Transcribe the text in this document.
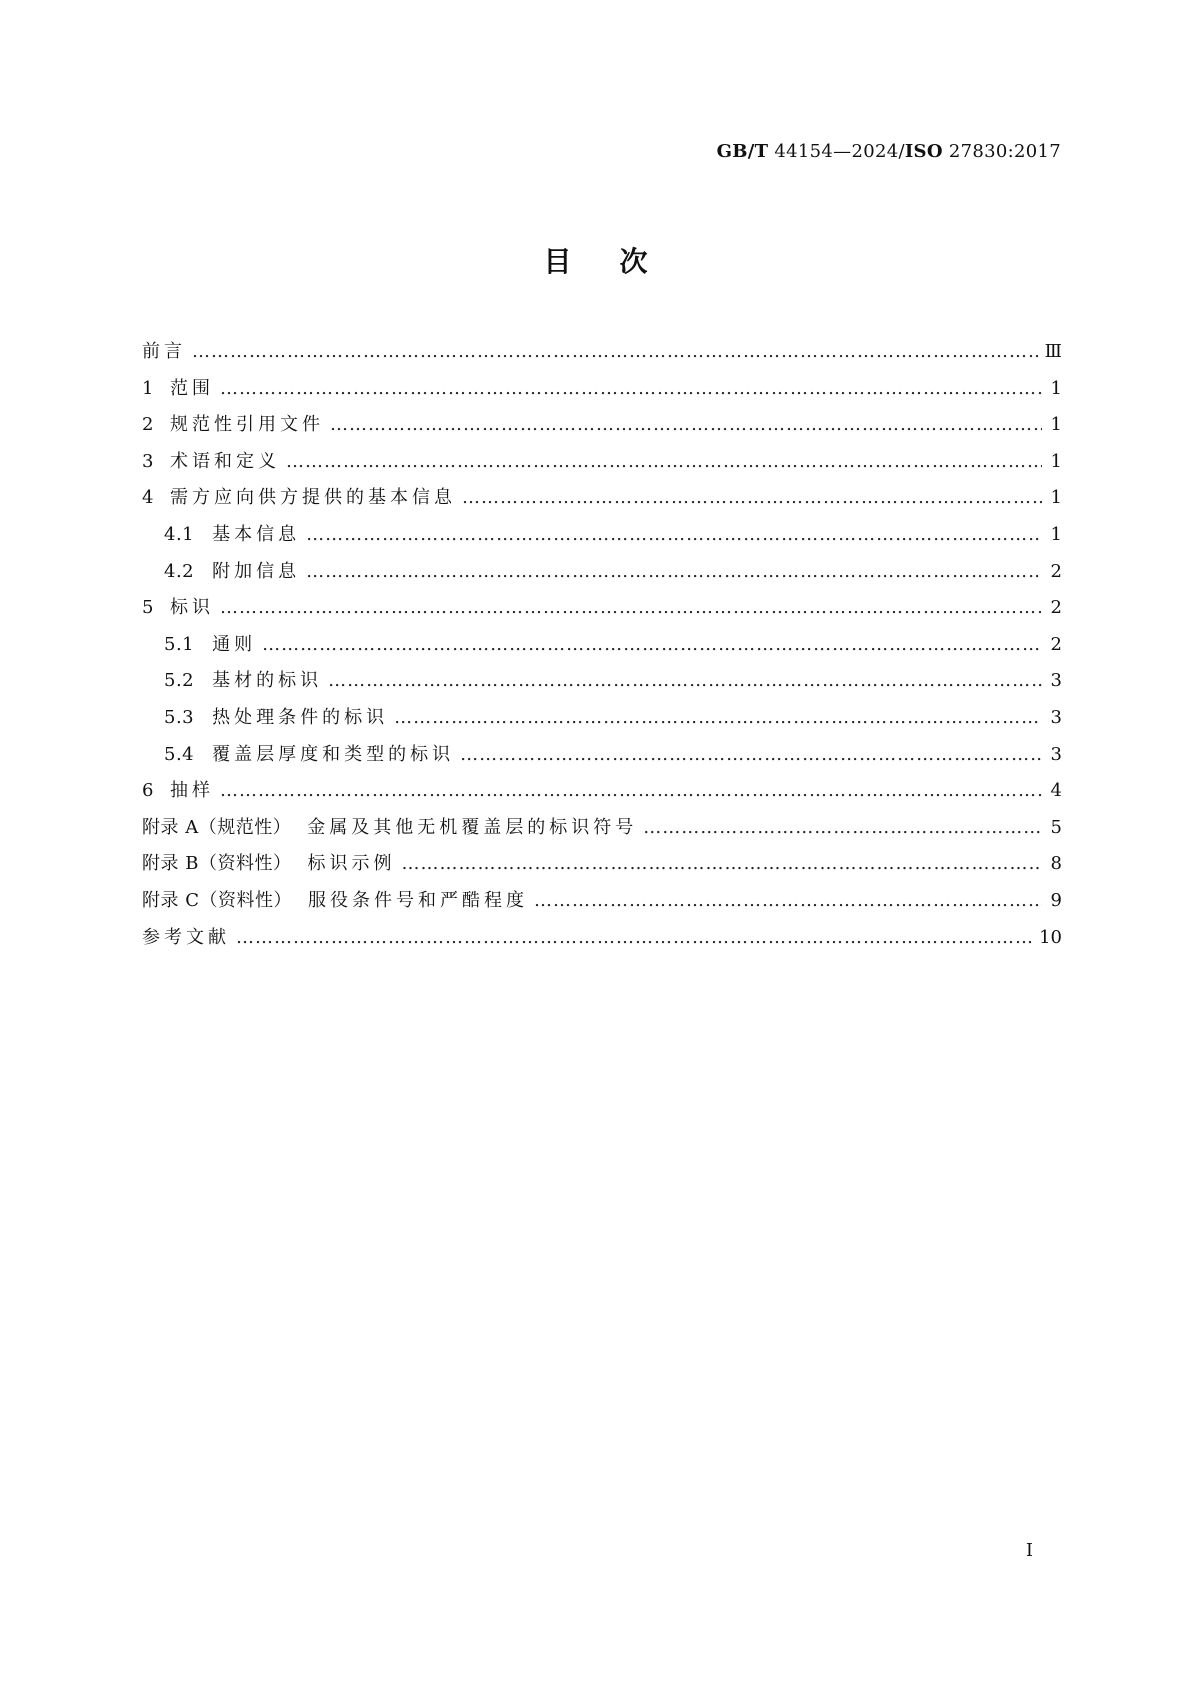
GB/T 44154—2024/ISO 27830:2017
目次
前言 ……………………………………………………………………………………………………………………………………………………………………………………………………………	Ⅲ
1 范围 ……………………………………………………………………………………………………………………………………………………………………………………………………………	1
2 规范性引用文件 ……………………………………………………………………………………………………………………………………………………………………………………………………………	1
3 术语和定义 ……………………………………………………………………………………………………………………………………………………………………………………………………………	1
4 需方应向供方提供的基本信息 ……………………………………………………………………………………………………………………………………………………………………………………………………………	1
4.1 基本信息 ……………………………………………………………………………………………………………………………………………………………………………………………………………	1
4.2 附加信息 ……………………………………………………………………………………………………………………………………………………………………………………………………………	2
5 标识 ……………………………………………………………………………………………………………………………………………………………………………………………………………	2
5.1 通则 ……………………………………………………………………………………………………………………………………………………………………………………………………………	2
5.2 基材的标识 ……………………………………………………………………………………………………………………………………………………………………………………………………………	3
5.3 热处理条件的标识 ……………………………………………………………………………………………………………………………………………………………………………………………………………	3
5.4 覆盖层厚度和类型的标识 ……………………………………………………………………………………………………………………………………………………………………………………………………………	3
6 抽样 ……………………………………………………………………………………………………………………………………………………………………………………………………………	4
附录 A（规范性） 金属及其他无机覆盖层的标识符号 ……………………………………………………………………………………………………………………………………………………………………………………………………………	5
附录 B（资料性） 标识示例 ……………………………………………………………………………………………………………………………………………………………………………………………………………	8
附录 C（资料性） 服役条件号和严酷程度 ……………………………………………………………………………………………………………………………………………………………………………………………………………	9
参考文献 ……………………………………………………………………………………………………………………………………………………………………………………………………………	10
Ⅰ
